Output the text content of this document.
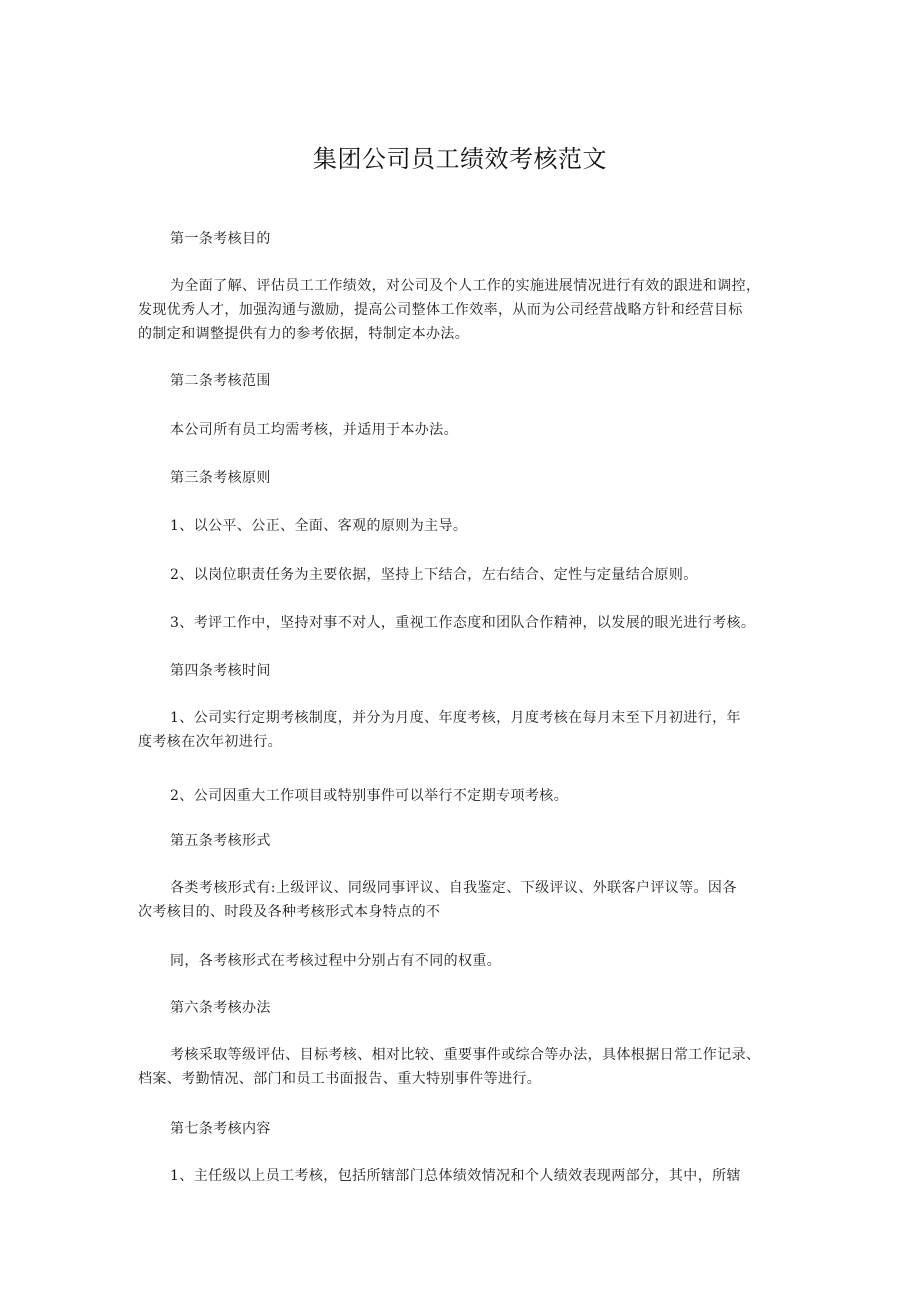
集团公司员工绩效考核范文
第一条考核目的
为全面了解、评估员工工作绩效，对公司及个人工作的实施进展情况进行有效的跟进和调控，
发现优秀人才，加强沟通与激励，提高公司整体工作效率，从而为公司经营战略方针和经营目标
的制定和调整提供有力的参考依据，特制定本办法。
第二条考核范围
本公司所有员工均需考核，并适用于本办法。
第三条考核原则
1、以公平、公正、全面、客观的原则为主导。
2、以岗位职责任务为主要依据，坚持上下结合，左右结合、定性与定量结合原则。
3、考评工作中，坚持对事不对人，重视工作态度和团队合作精神，以发展的眼光进行考核。
第四条考核时间
1、公司实行定期考核制度，并分为月度、年度考核，月度考核在每月末至下月初进行，年
度考核在次年初进行。
2、公司因重大工作项目或特别事件可以举行不定期专项考核。
第五条考核形式
各类考核形式有:上级评议、同级同事评议、自我鉴定、下级评议、外联客户评议等。因各
次考核目的、时段及各种考核形式本身特点的不
同，各考核形式在考核过程中分别占有不同的权重。
第六条考核办法
考核采取等级评估、目标考核、相对比较、重要事件或综合等办法，具体根据日常工作记录、
档案、考勤情况、部门和员工书面报告、重大特别事件等进行。
第七条考核内容
1、主任级以上员工考核，包括所辖部门总体绩效情况和个人绩效表现两部分，其中，所辖
